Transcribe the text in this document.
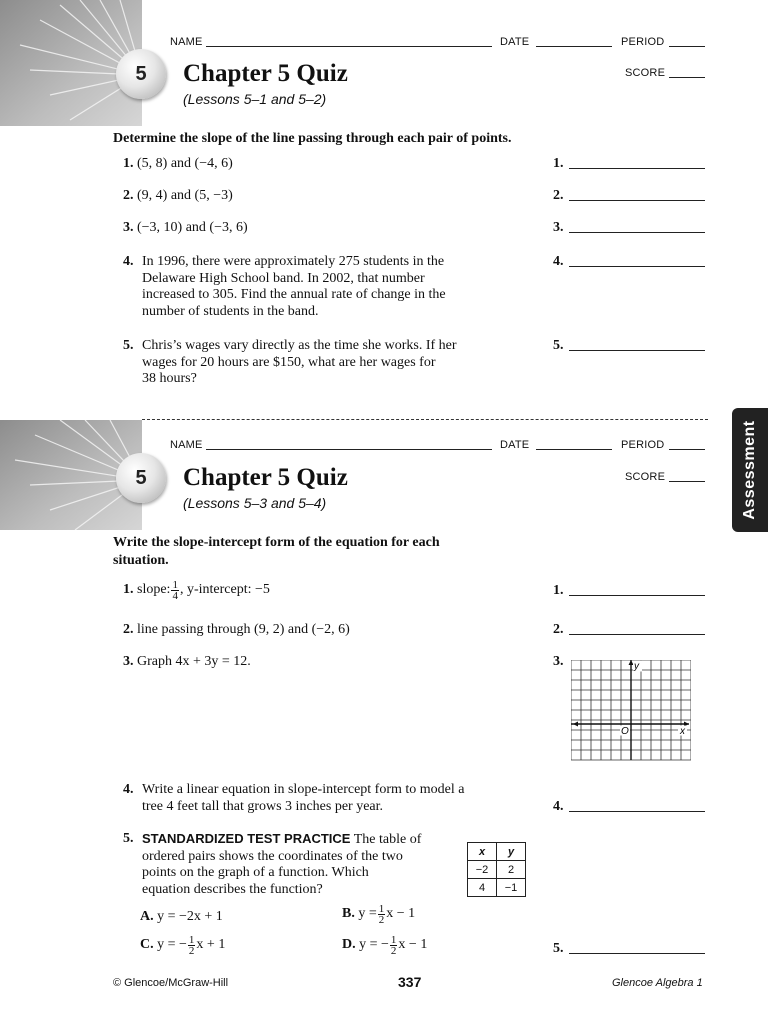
5
NAME	DATE	PERIOD
Chapter 5 Quiz
(Lessons 5–1 and 5–2)
SCORE
Determine the slope of the line passing through each pair of points.
1. (5, 8) and (−4, 6)	1.
2. (9, 4) and (5, −3)	2.
3. (−3, 10) and (−3, 6)	3.
4. In 1996, there were approximately 275 students in the
Delaware High School band. In 2002, that number
increased to 305. Find the annual rate of change in the
number of students in the band.
4.
5. Chris’s wages vary directly as the time she works. If her
wages for 20 hours are $150, what are her wages for
38 hours?
5.
Assessment
5
NAME	DATE	PERIOD
Chapter 5 Quiz
(Lessons 5–3 and 5–4)
SCORE
Write the slope-intercept form of the equation for each
situation.
1.
slope: $\frac{1}{4}$ , y-intercept: −5	1.
2. line passing through (9, 2) and (−2, 6)	2.
3. Graph 4x + 3y = 12.	3.	y
x
O
4. Write a linear equation in slope-intercept form to model a
tree 4 feet tall that grows 3 inches per year.	4.
5. STANDARDIZED TEST PRACTICE The table of
ordered pairs shows the coordinates of the two
points on the graph of a function. Which
equation describes the function?
x	y
−2	2
4	−1
A.
y = −2x + 1	B.
$y = \frac{1}{2}$ x − 1
C.
y = − $\frac{1}{2}$ x + 1	D.
y = − $\frac{1}{2}$ x − 1	5.
© Glencoe/McGraw-Hill	337	Glencoe Algebra 1
